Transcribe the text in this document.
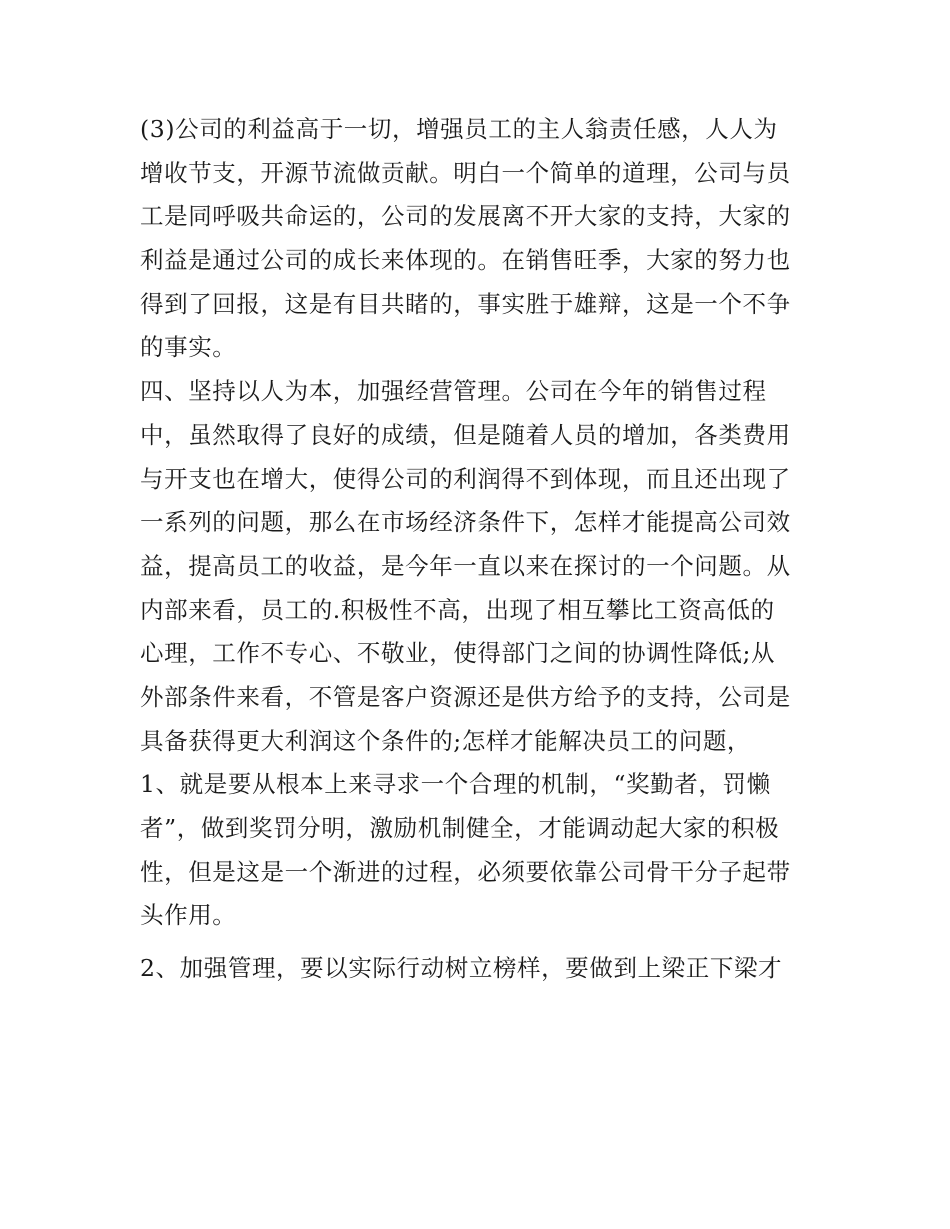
(3)公司的利益高于一切，增强员工的主人翁责任感，人人为
增收节支，开源节流做贡献。明白一个简单的道理，公司与员
工是同呼吸共命运的，公司的发展离不开大家的支持，大家的
利益是通过公司的成长来体现的。在销售旺季，大家的努力也
得到了回报，这是有目共睹的，事实胜于雄辩，这是一个不争
的事实。
四、坚持以人为本，加强经营管理。公司在今年的销售过程
中，虽然取得了良好的成绩，但是随着人员的增加，各类费用
与开支也在增大，使得公司的利润得不到体现，而且还出现了
一系列的问题，那么在市场经济条件下，怎样才能提高公司效
益，提高员工的收益，是今年一直以来在探讨的一个问题。从
内部来看，员工的.积极性不高，出现了相互攀比工资高低的
心理，工作不专心、不敬业，使得部门之间的协调性降低;从
外部条件来看，不管是客户资源还是供方给予的支持，公司是
具备获得更大利润这个条件的;怎样才能解决员工的问题，
1、就是要从根本上来寻求一个合理的机制，“奖勤者，罚懒
者”，做到奖罚分明，激励机制健全，才能调动起大家的积极
性，但是这是一个渐进的过程，必须要依靠公司骨干分子起带
头作用。
2、加强管理，要以实际行动树立榜样，要做到上梁正下梁才
